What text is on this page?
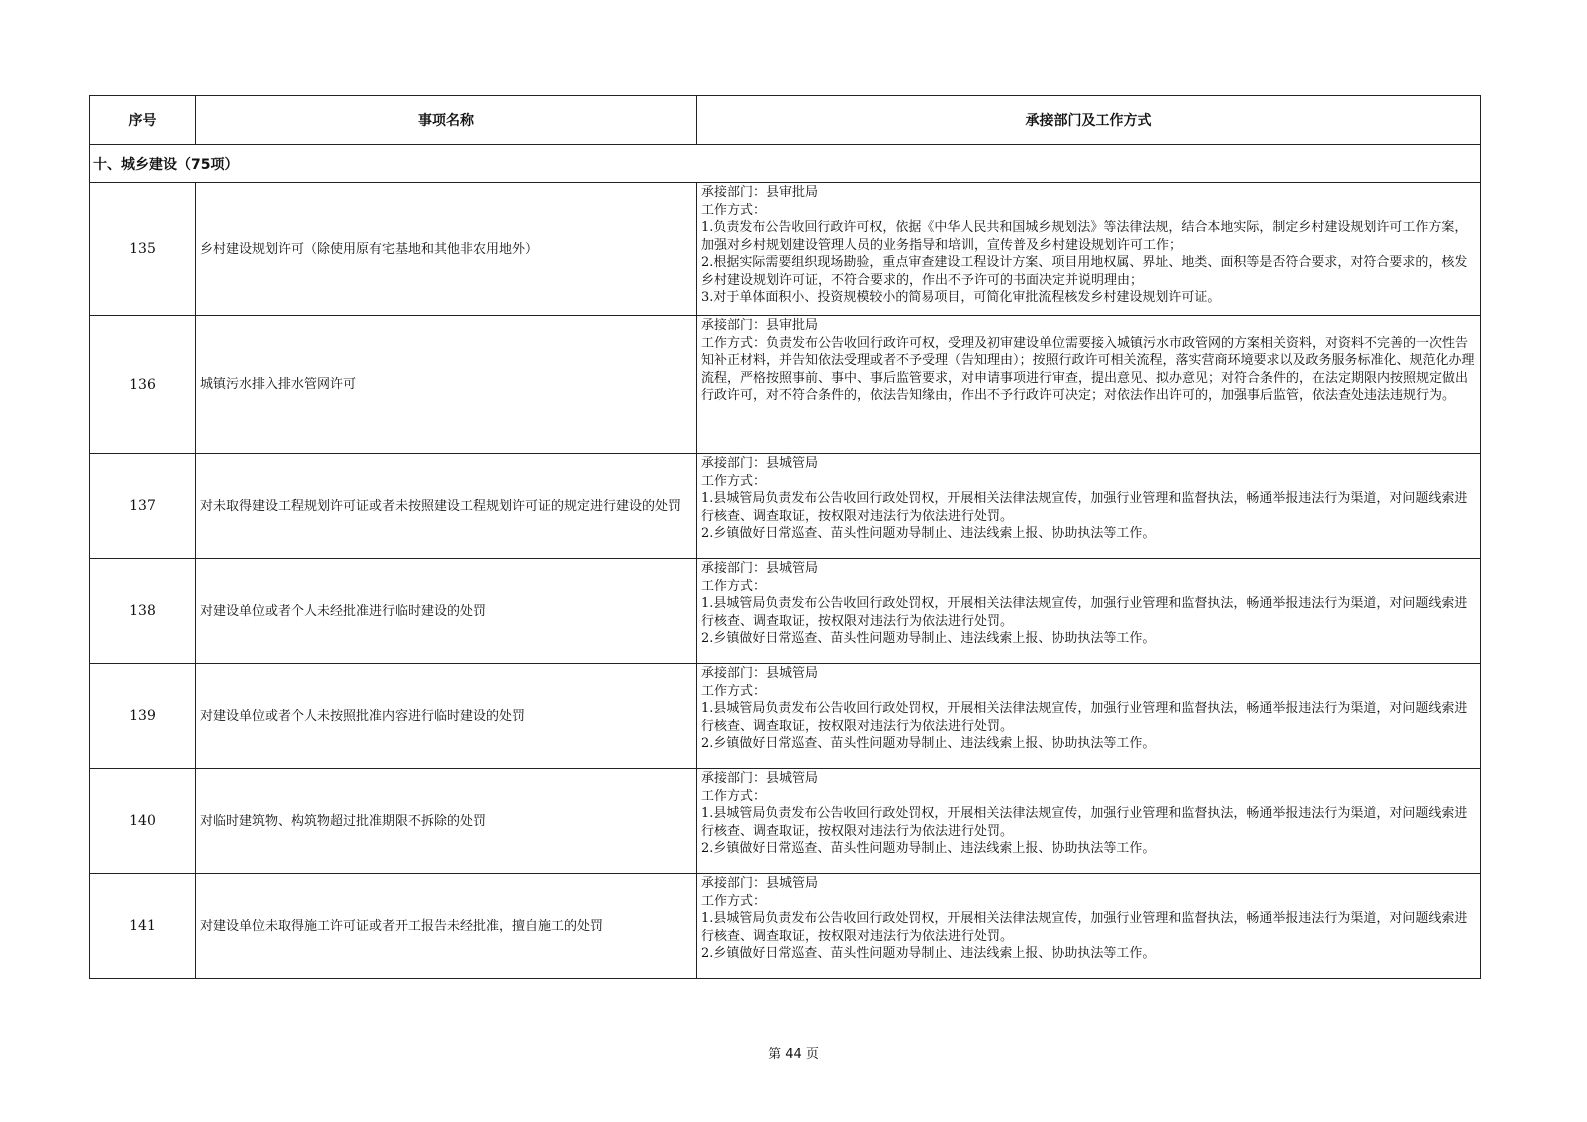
序号	事项名称	承接部门及工作方式
十、城乡建设（75项）		
135	乡村建设规划许可（除使用原有宅基地和其他非农用地外）	承接部门：县审批局
工作方式：
1.负责发布公告收回行政许可权，依据《中华人民共和国城乡规划法》等法律法规，结合本地实际，制定乡村建设规划许可工作方案，加强对乡村规划建设管理人员的业务指导和培训，宣传普及乡村建设规划许可工作；
2.根据实际需要组织现场勘验，重点审查建设工程设计方案、项目用地权属、界址、地类、面积等是否符合要求，对符合要求的，核发乡村建设规划许可证，不符合要求的，作出不予许可的书面决定并说明理由；
3.对于单体面积小、投资规模较小的简易项目，可简化审批流程核发乡村建设规划许可证。

136	城镇污水排入排水管网许可	承接部门：县审批局
工作方式：负责发布公告收回行政许可权，受理及初审建设单位需要接入城镇污水市政管网的方案相关资料，对资料不完善的一次性告知补正材料，并告知依法受理或者不予受理（告知理由）；按照行政许可相关流程，落实营商环境要求以及政务服务标准化、规范化办理流程，严格按照事前、事中、事后监管要求，对申请事项进行审查，提出意见、拟办意见；对符合条件的，在法定期限内按照规定做出行政许可，对不符合条件的，依法告知缘由，作出不予行政许可决定；对依法作出许可的，加强事后监管，依法查处违法违规行为。

137	对未取得建设工程规划许可证或者未按照建设工程规划许可证的规定进行建设的处罚	承接部门：县城管局
工作方式：
1.县城管局负责发布公告收回行政处罚权，开展相关法律法规宣传，加强行业管理和监督执法，畅通举报违法行为渠道，对问题线索进行核查、调查取证，按权限对违法行为依法进行处罚。
2.乡镇做好日常巡查、苗头性问题劝导制止、违法线索上报、协助执法等工作。

138	对建设单位或者个人未经批准进行临时建设的处罚	承接部门：县城管局
工作方式：
1.县城管局负责发布公告收回行政处罚权，开展相关法律法规宣传，加强行业管理和监督执法，畅通举报违法行为渠道，对问题线索进行核查、调查取证，按权限对违法行为依法进行处罚。
2.乡镇做好日常巡查、苗头性问题劝导制止、违法线索上报、协助执法等工作。

139	对建设单位或者个人未按照批准内容进行临时建设的处罚	承接部门：县城管局
工作方式：
1.县城管局负责发布公告收回行政处罚权，开展相关法律法规宣传，加强行业管理和监督执法，畅通举报违法行为渠道，对问题线索进行核查、调查取证，按权限对违法行为依法进行处罚。
2.乡镇做好日常巡查、苗头性问题劝导制止、违法线索上报、协助执法等工作。

140	对临时建筑物、构筑物超过批准期限不拆除的处罚	承接部门：县城管局
工作方式：
1.县城管局负责发布公告收回行政处罚权，开展相关法律法规宣传，加强行业管理和监督执法，畅通举报违法行为渠道，对问题线索进行核查、调查取证，按权限对违法行为依法进行处罚。
2.乡镇做好日常巡查、苗头性问题劝导制止、违法线索上报、协助执法等工作。

141	对建设单位未取得施工许可证或者开工报告未经批准，擅自施工的处罚	承接部门：县城管局
工作方式：
1.县城管局负责发布公告收回行政处罚权，开展相关法律法规宣传，加强行业管理和监督执法，畅通举报违法行为渠道，对问题线索进行核查、调查取证，按权限对违法行为依法进行处罚。
2.乡镇做好日常巡查、苗头性问题劝导制止、违法线索上报、协助执法等工作。
第 44 页
